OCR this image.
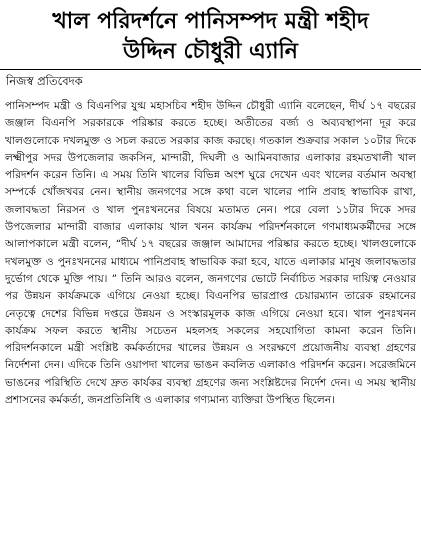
খাল পরিদর্শনে পানিসম্পদ মন্ত্রী শহীদ
উদ্দিন চৌধুরী এ্যানি

নিজস্ব প্রতিবেদক

পানিসম্পদ মন্ত্রী ও বিএনপির যুগ্ম মহাসচিব শহীদ উদ্দিন চৌধুরী এ্যানি বলেছেন, দীর্ঘ ১৭ বছরের জঞ্জাল বিএনপি সরকারকে পরিষ্কার করতে হচ্ছে। অতীতের বর্জ্য ও অব্যবস্থাপনা দূর করে খালগুলোকে দখলমুক্ত ও সচল করতে সরকার কাজ করছে। গতকাল শুক্রবার সকাল ১০টার দিকে লক্ষ্মীপুর সদর উপজেলার জকসিন, মান্দারী, দিঘলী ও আমিনবাজার এলাকার রহমতখালী খাল পরিদর্শন করেন তিনি। এ সময় তিনি খালের বিভিন্ন অংশ ঘুরে দেখেন এবং খালের বর্তমান অবস্থা সম্পর্কে খোঁজখবর নেন। স্থানীয় জনগণের সঙ্গে কথা বলে খালের পানি প্রবাহ স্বাভাবিক রাখা, জলাবদ্ধতা নিরসন ও খাল পুনঃখননের বিষয়ে মতামত নেন। পরে বেলা ১১টার দিকে সদর উপজেলার মান্দারী বাজার এলাকায় খাল খনন কার্যক্রম পরিদর্শনকালে গণমাধ্যমকর্মীদের সঙ্গে আলাপকালে মন্ত্রী বলেন, “দীর্ঘ ১৭ বছরের জঞ্জাল আমাদের পরিষ্কার করতে হচ্ছে। খালগুলোকে দখলমুক্ত ও পুনঃখননের মাধ্যমে পানিপ্রবাহ স্বাভাবিক করা হবে, যাতে এলাকার মানুষ জলাবদ্ধতার দুর্ভোগ থেকে মুক্তি পায়। ” তিনি আরও বলেন, জনগণের ভোটে নির্বাচিত সরকার দায়িত্ব নেওয়ার পর উন্নয়ন কার্যক্রমকে এগিয়ে নেওয়া হচ্ছে। বিএনপির ভারপ্রাপ্ত চেয়ারম্যান তারেক রহমানের নেতৃত্বে দেশের বিভিন্ন দপ্তরে উন্নয়ন ও সংস্কারমূলক কাজ এগিয়ে নেওয়া হবে। খাল পুনঃখনন কার্যক্রম সফল করতে স্থানীয় সচেতন মহলসহ সকলের সহযোগিতা কামনা করেন তিনি। পরিদর্শনকালে মন্ত্রী সংশ্লিষ্ট কর্মকর্তাদের খালের উন্নয়ন ও সংরক্ষণে প্রয়োজনীয় ব্যবস্থা গ্রহণের নির্দেশনা দেন। এদিকে তিনি ওয়াপদা খালের ভাঙন কবলিত এলাকাও পরিদর্শন করেন। সরেজমিনে ভাঙনের পরিস্থিতি দেখে দ্রুত কার্যকর ব্যবস্থা গ্রহণের জন্য সংশ্লিষ্টদের নির্দেশ দেন। এ সময় স্থানীয় প্রশাসনের কর্মকর্তা, জনপ্রতিনিধি ও এলাকার গণ্যমান্য ব্যক্তিরা উপস্থিত ছিলেন।
